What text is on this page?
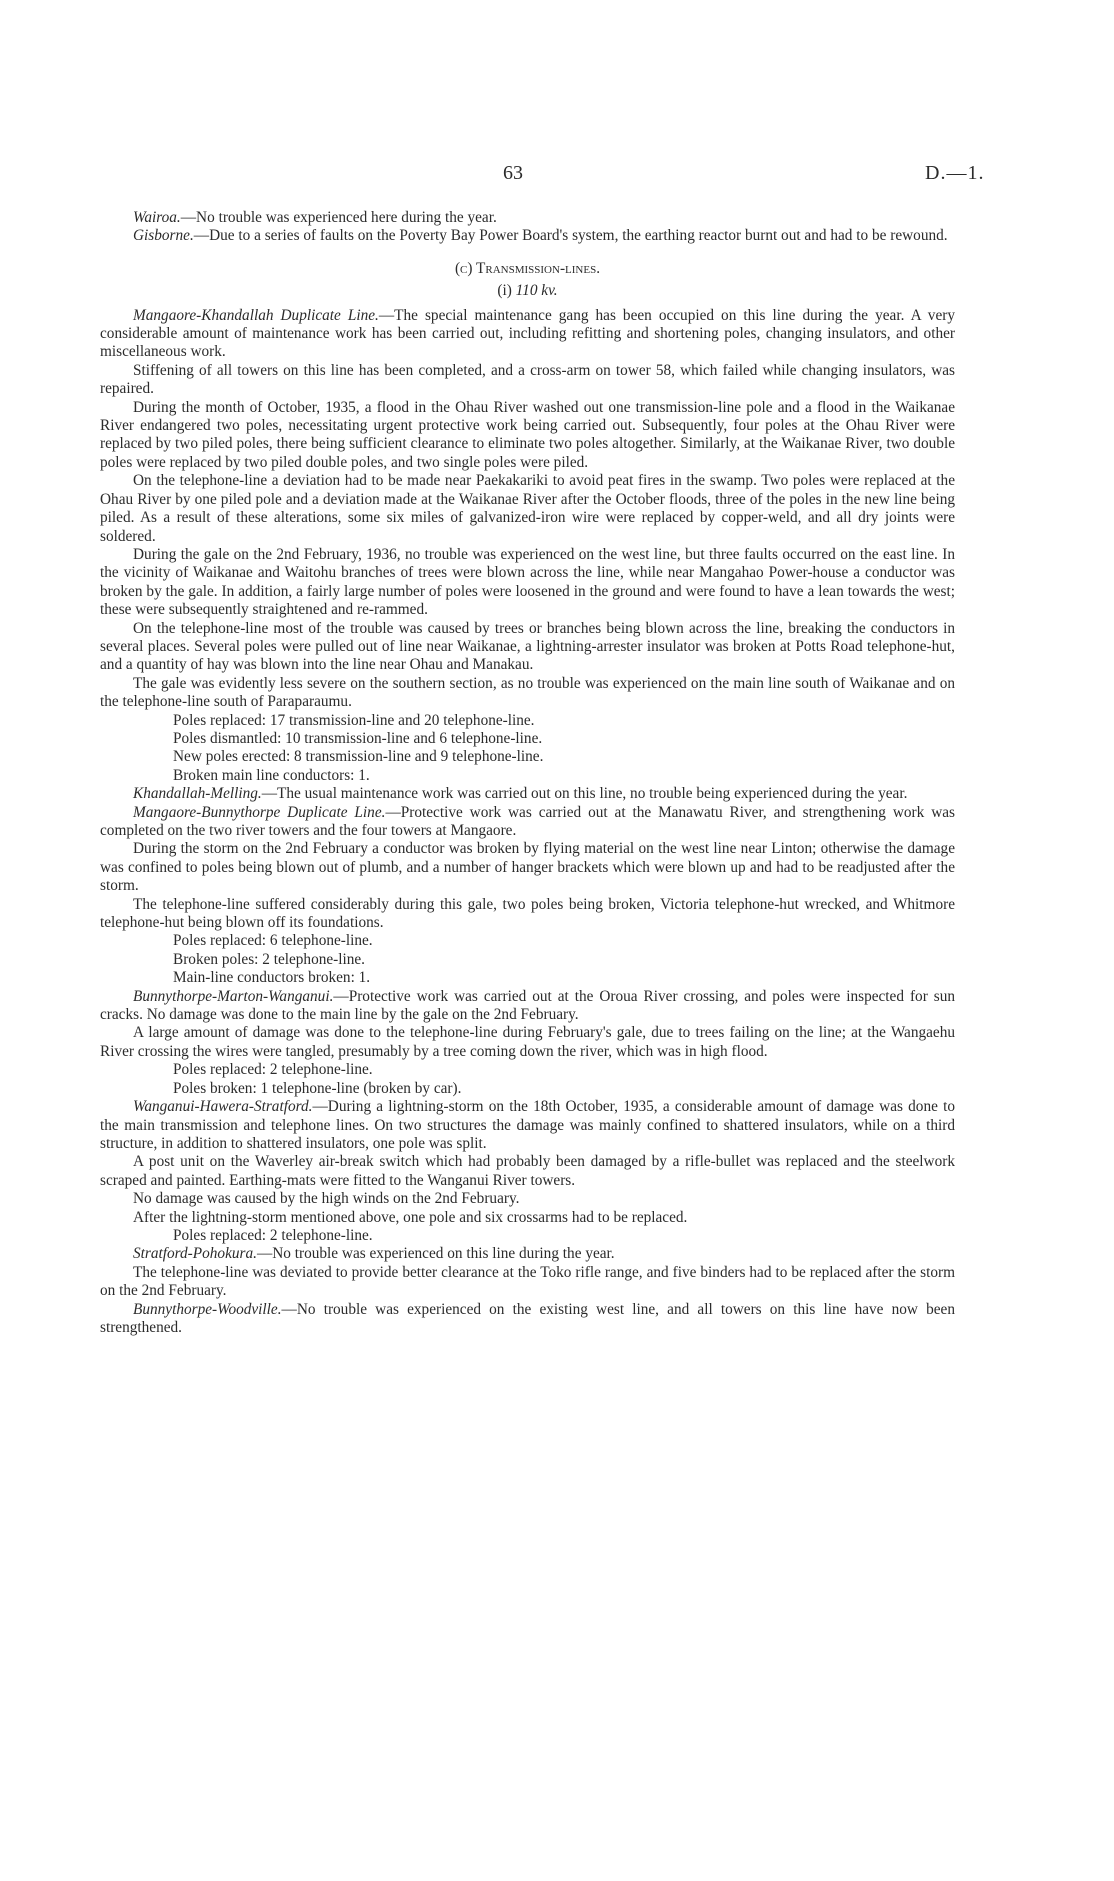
63	D.—1.

Wairoa.—No trouble was experienced here during the year.

Gisborne.—Due to a series of faults on the Poverty Bay Power Board's system, the earthing reactor burnt out and had to be rewound.

(c) Transmission-lines.

(i) 110 kv.

Mangaore-Khandallah Duplicate Line.—The special maintenance gang has been occupied on this line during the year. A very considerable amount of maintenance work has been carried out, including refitting and shortening poles, changing insulators, and other miscellaneous work.

Stiffening of all towers on this line has been completed, and a cross-arm on tower 58, which failed while changing insulators, was repaired.

During the month of October, 1935, a flood in the Ohau River washed out one transmission-line pole and a flood in the Waikanae River endangered two poles, necessitating urgent protective work being carried out. Subsequently, four poles at the Ohau River were replaced by two piled poles, there being sufficient clearance to eliminate two poles altogether. Similarly, at the Waikanae River, two double poles were replaced by two piled double poles, and two single poles were piled.

On the telephone-line a deviation had to be made near Paekakariki to avoid peat fires in the swamp. Two poles were replaced at the Ohau River by one piled pole and a deviation made at the Waikanae River after the October floods, three of the poles in the new line being piled. As a result of these alterations, some six miles of galvanized-iron wire were replaced by copper-weld, and all dry joints were soldered.

During the gale on the 2nd February, 1936, no trouble was experienced on the west line, but three faults occurred on the east line. In the vicinity of Waikanae and Waitohu branches of trees were blown across the line, while near Mangahao Power-house a conductor was broken by the gale. In addition, a fairly large number of poles were loosened in the ground and were found to have a lean towards the west; these were subsequently straightened and re-rammed.

On the telephone-line most of the trouble was caused by trees or branches being blown across the line, breaking the conductors in several places. Several poles were pulled out of line near Waikanae, a lightning-arrester insulator was broken at Potts Road telephone-hut, and a quantity of hay was blown into the line near Ohau and Manakau.

The gale was evidently less severe on the southern section, as no trouble was experienced on the main line south of Waikanae and on the telephone-line south of Paraparaumu.

Poles replaced: 17 transmission-line and 20 telephone-line.

Poles dismantled: 10 transmission-line and 6 telephone-line.

New poles erected: 8 transmission-line and 9 telephone-line.

Broken main line conductors: 1.

Khandallah-Melling.—The usual maintenance work was carried out on this line, no trouble being experienced during the year.

Mangaore-Bunnythorpe Duplicate Line.—Protective work was carried out at the Manawatu River, and strengthening work was completed on the two river towers and the four towers at Mangaore.

During the storm on the 2nd February a conductor was broken by flying material on the west line near Linton; otherwise the damage was confined to poles being blown out of plumb, and a number of hanger brackets which were blown up and had to be readjusted after the storm.

The telephone-line suffered considerably during this gale, two poles being broken, Victoria telephone-hut wrecked, and Whitmore telephone-hut being blown off its foundations.

Poles replaced: 6 telephone-line.

Broken poles: 2 telephone-line.

Main-line conductors broken: 1.

Bunnythorpe-Marton-Wanganui.—Protective work was carried out at the Oroua River crossing, and poles were inspected for sun cracks. No damage was done to the main line by the gale on the 2nd February.

A large amount of damage was done to the telephone-line during February's gale, due to trees failing on the line; at the Wangaehu River crossing the wires were tangled, presumably by a tree coming down the river, which was in high flood.

Poles replaced: 2 telephone-line.

Poles broken: 1 telephone-line (broken by car).

Wanganui-Hawera-Stratford.—During a lightning-storm on the 18th October, 1935, a considerable amount of damage was done to the main transmission and telephone lines. On two structures the damage was mainly confined to shattered insulators, while on a third structure, in addition to shattered insulators, one pole was split.

A post unit on the Waverley air-break switch which had probably been damaged by a rifle-bullet was replaced and the steelwork scraped and painted. Earthing-mats were fitted to the Wanganui River towers.

No damage was caused by the high winds on the 2nd February.

After the lightning-storm mentioned above, one pole and six crossarms had to be replaced.

Poles replaced: 2 telephone-line.

Stratford-Pohokura.—No trouble was experienced on this line during the year.

The telephone-line was deviated to provide better clearance at the Toko rifle range, and five binders had to be replaced after the storm on the 2nd February.

Bunnythorpe-Woodville.—No trouble was experienced on the existing west line, and all towers on this line have now been strengthened.
